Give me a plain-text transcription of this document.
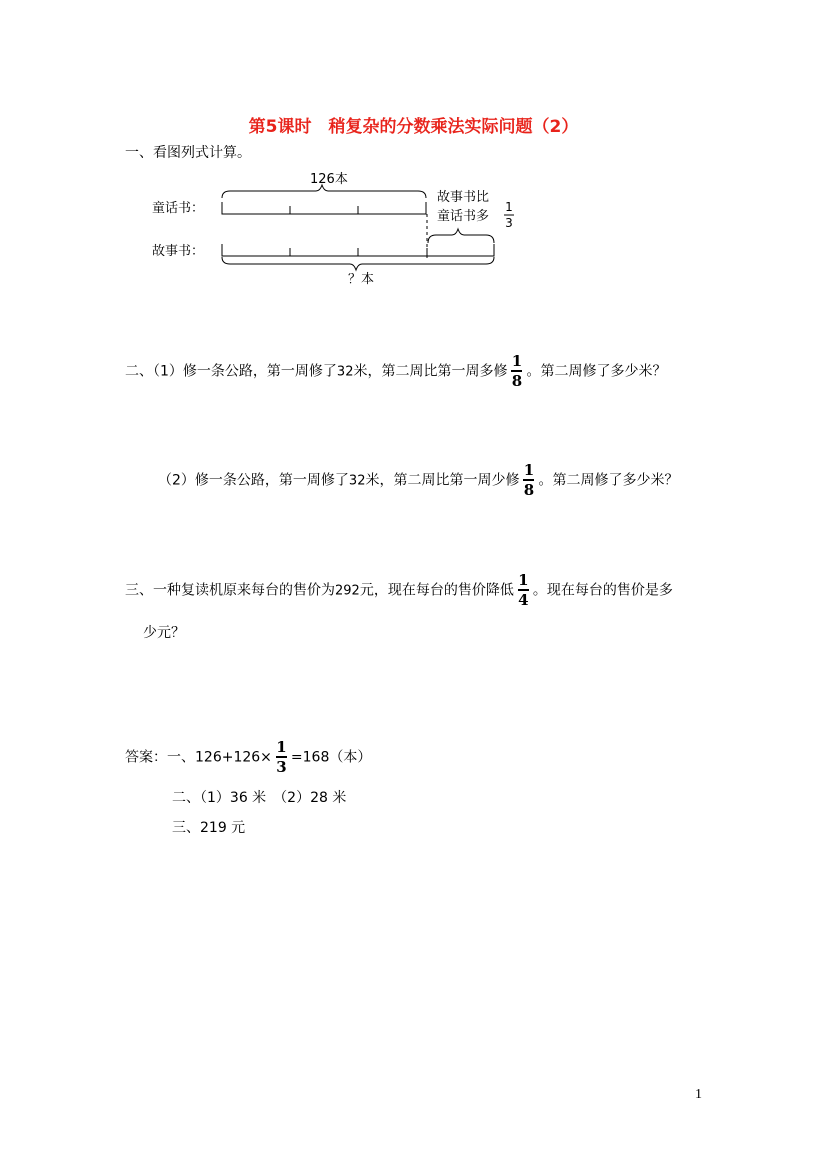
第5课时　稍复杂的分数乘法实际问题（2）
一、看图列式计算。
童话书：
故事书：
126本
故事书比
童话书多
1
3
？本
二、（1）修一条公路，第一周修了32米，第二周比第一周多修 $\frac{1}{8}$ 。第二周修了多少米？
（2）修一条公路，第一周修了32米，第二周比第一周少修 $\frac{1}{8}$ 。第二周修了多少米？
三、一种复读机原来每台的售价为292元，现在每台的售价降低 $\frac{1}{4}$ 。现在每台的售价是多
少元？
答案：一、$126+126\times \frac{1}{3} =168$（本）
二、（1）36 米　（2）28 米
三、219 元
1
